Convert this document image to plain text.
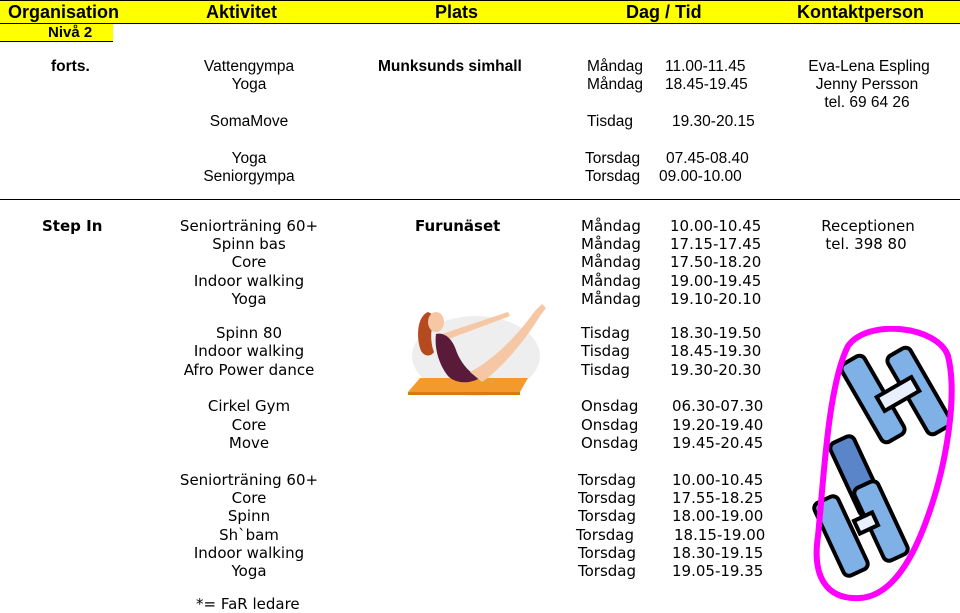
Organisation	Aktivitet	Plats	Dag / Tid	Kontaktperson
Nivå 2
forts.	Munksunds simhall
Vattengympa	Måndag 11.00-11.45
Yoga	Måndag 18.45-19.45
SomaMove	Tisdag	19.30-20.15
Yoga	Torsdag 07.45-08.40
Seniorgympa	Torsdag 09.00-10.00
Eva-Lena Espling
Jenny Persson
tel. 69 64 26
Step In	Furunäset	Receptionen
tel. 398 80
Seniorträning 60+	Måndag 10.00-10.45
Spinn bas	Måndag 17.15-17.45
Core	Måndag 17.50-18.20
Indoor walking	Måndag 19.00-19.45
Yoga	Måndag 19.10-20.10
Spinn 80	Tisdag	18.30-19.50
Indoor walking	Tisdag	18.45-19.30
Afro Power dance	Tisdag	19.30-20.30
Cirkel Gym	Onsdag 06.30-07.30
Core	Onsdag 19.20-19.40
Move	Onsdag 19.45-20.45
Seniorträning 60+	Torsdag 10.00-10.45
Core	Torsdag 17.55-18.25
Spinn	Torsdag 18.00-19.00
Sh`bam	Torsdag	18.15-19.00
Indoor walking	Torsdag 18.30-19.15
Yoga	Torsdag 19.05-19.35
*= FaR ledare
